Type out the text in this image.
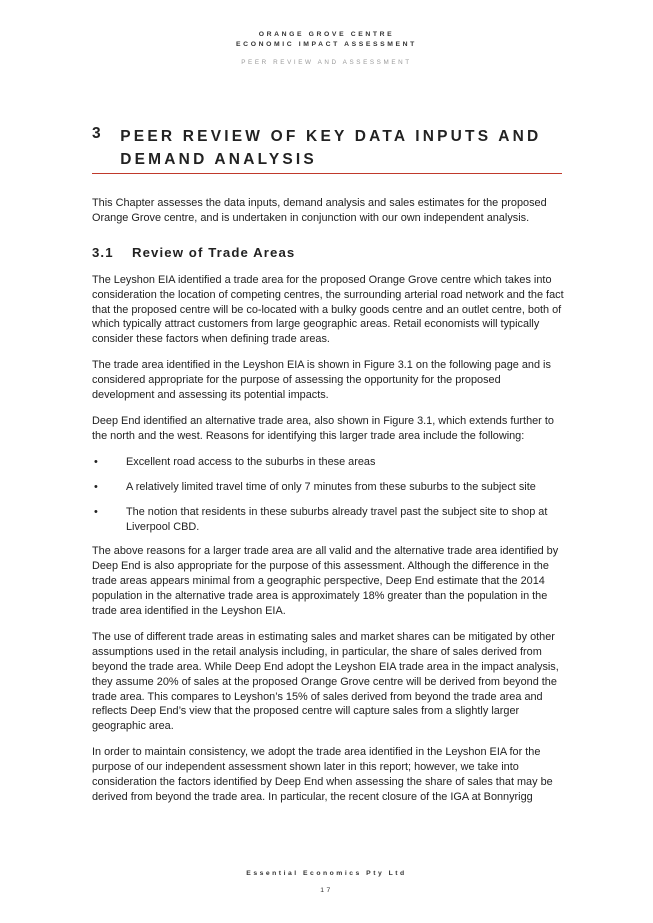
ORANGE GROVE CENTRE
ECONOMIC IMPACT ASSESSMENT
PEER REVIEW AND ASSESSMENT
3	PEER REVIEW OF KEY DATA INPUTS AND DEMAND ANALYSIS

This Chapter assesses the data inputs, demand analysis and sales estimates for the proposed Orange Grove centre, and is undertaken in conjunction with our own independent analysis.

3.1	Review of Trade Areas

The Leyshon EIA identified a trade area for the proposed Orange Grove centre which takes into consideration the location of competing centres, the surrounding arterial road network and the fact that the proposed centre will be co-located with a bulky goods centre and an outlet centre, both of which typically attract customers from large geographic areas. Retail economists will typically consider these factors when defining trade areas.

The trade area identified in the Leyshon EIA is shown in Figure 3.1 on the following page and is considered appropriate for the purpose of assessing the opportunity for the proposed development and assessing its potential impacts.

Deep End identified an alternative trade area, also shown in Figure 3.1, which extends further to the north and the west. Reasons for identifying this larger trade area include the following:

•	Excellent road access to the suburbs in these areas
•	A relatively limited travel time of only 7 minutes from these suburbs to the subject site
•	The notion that residents in these suburbs already travel past the subject site to shop at Liverpool CBD.

The above reasons for a larger trade area are all valid and the alternative trade area identified by Deep End is also appropriate for the purpose of this assessment. Although the difference in the trade areas appears minimal from a geographic perspective, Deep End estimate that the 2014 population in the alternative trade area is approximately 18% greater than the population in the trade area identified in the Leyshon EIA.

The use of different trade areas in estimating sales and market shares can be mitigated by other assumptions used in the retail analysis including, in particular, the share of sales derived from beyond the trade area. While Deep End adopt the Leyshon EIA trade area in the impact analysis, they assume 20% of sales at the proposed Orange Grove centre will be derived from beyond the trade area. This compares to Leyshon’s 15% of sales derived from beyond the trade area and reflects Deep End’s view that the proposed centre will capture sales from a slightly larger geographic area.

In order to maintain consistency, we adopt the trade area identified in the Leyshon EIA for the purpose of our independent assessment shown later in this report; however, we take into consideration the factors identified by Deep End when assessing the share of sales that may be derived from beyond the trade area. In particular, the recent closure of the IGA at Bonnyrigg

Essential Economics Pty Ltd
17
